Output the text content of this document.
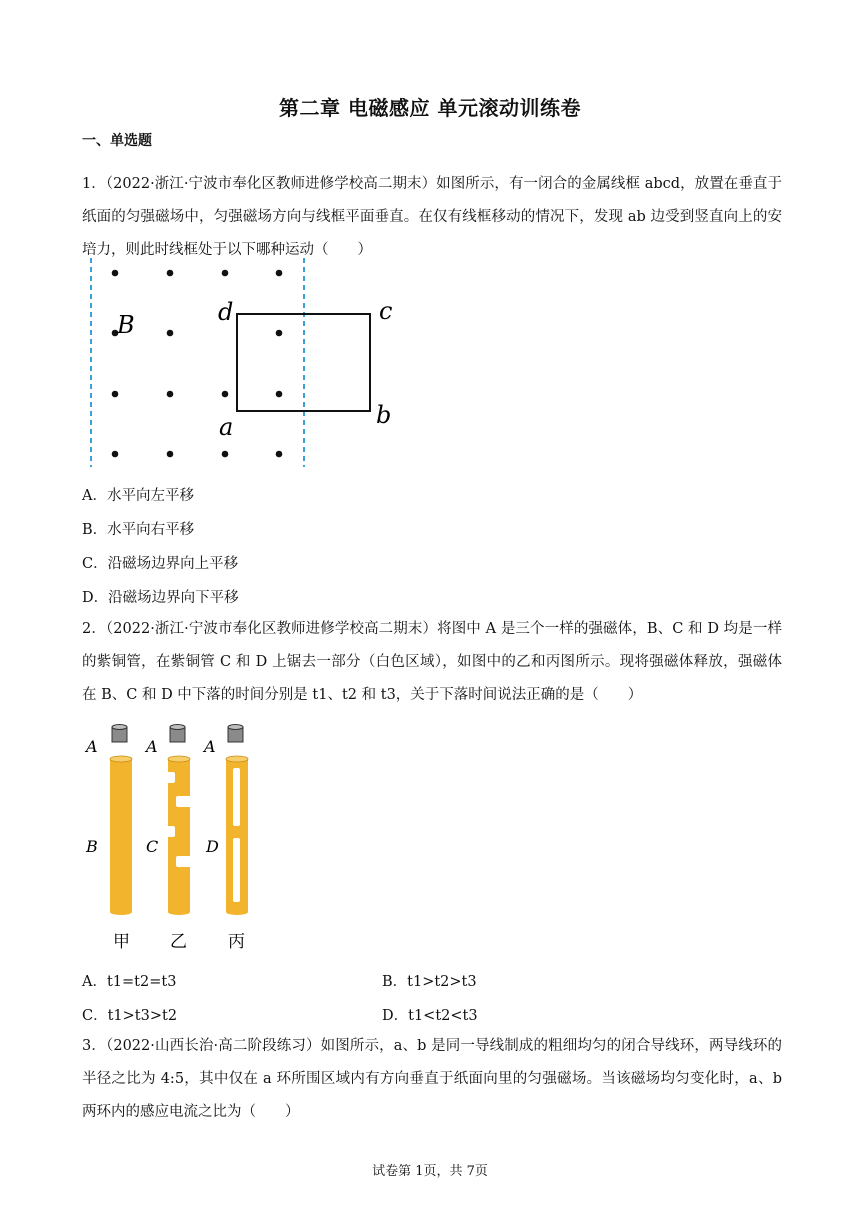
第二章 电磁感应 单元滚动训练卷
一、单选题
1．（2022·浙江·宁波市奉化区教师进修学校高二期末）如图所示，有一闭合的金属线框 abcd，放置在垂直于纸面的匀强磁场中，匀强磁场方向与线框平面垂直。在仅有线框移动的情况下，发现 ab 边受到竖直向上的安培力，则此时线框处于以下哪种运动（　　）
B	d	c
b
a
A．水平向左平移
B．水平向右平移
C．沿磁场边界向上平移
D．沿磁场边界向下平移
2．（2022·浙江·宁波市奉化区教师进修学校高二期末）将图中 A 是三个一样的强磁体，B、C 和 D 均是一样的紫铜管，在紫铜管 C 和 D 上锯去一部分（白色区域），如图中的乙和丙图所示。现将强磁体释放，强磁体在 B、C 和 D 中下落的时间分别是 t1、t2 和 t3，关于下落时间说法正确的是（　　）
A	A	A
B	C	D
甲 乙 丙
A．t1=t2=t3	B．t1>t2>t3
C．t1>t3>t2	D．t1<t2<t3
3．（2022·山西长治·高二阶段练习）如图所示，a、b 是同一导线制成的粗细均匀的闭合导线环，两导线环的半径之比为 4:5，其中仅在 a 环所围区域内有方向垂直于纸面向里的匀强磁场。当该磁场均匀变化时，a、b 两环内的感应电流之比为（　　）
试卷第 1页，共 7页
